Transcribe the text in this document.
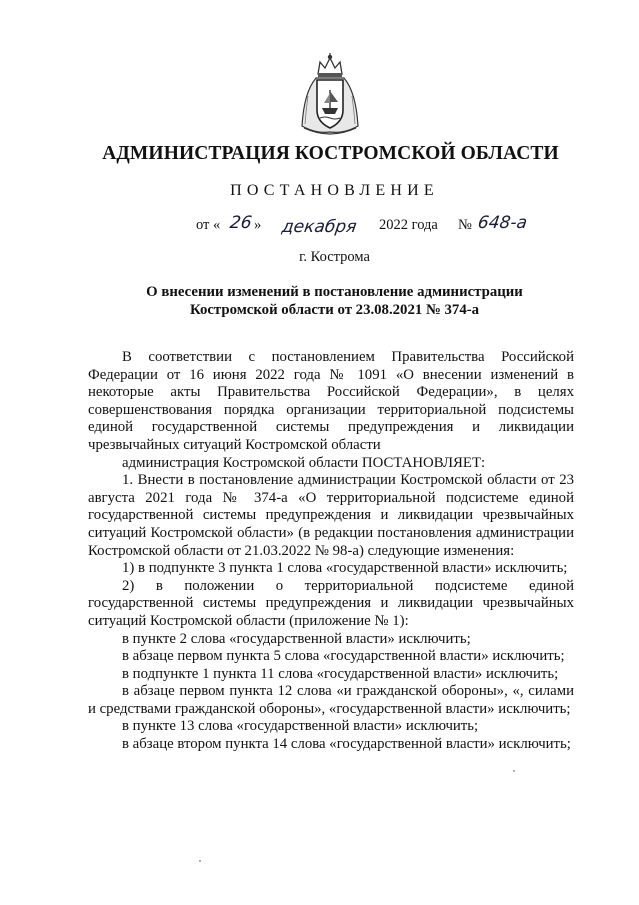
АДМИНИСТРАЦИЯ КОСТРОМСКОЙ ОБЛАСТИ
ПОСТАНОВЛЕНИЕ
от « 26 » декабря 2022 года № 648-а
г. Кострома
О внесении изменений в постановление администрации
Костромской области от 23.08.2021 № 374-а

В соответствии с постановлением Правительства Российской Федерации от 16 июня 2022 года № 1091 «О внесении изменений в некоторые акты Правительства Российской Федерации», в целях совершенствования порядка организации территориальной подсистемы единой государственной системы предупреждения и ликвидации чрезвычайных ситуаций Костромской области

администрация Костромской области ПОСТАНОВЛЯЕТ:

1. Внести в постановление администрации Костромской области от 23 августа 2021 года № 374-а «О территориальной подсистеме единой государственной системы предупреждения и ликвидации чрезвычайных ситуаций Костромской области» (в редакции постановления администрации Костромской области от 21.03.2022 № 98-а) следующие изменения:

1) в подпункте 3 пункта 1 слова «государственной власти» исключить;

2) в положении о территориальной подсистеме единой государственной системы предупреждения и ликвидации чрезвычайных ситуаций Костромской области (приложение № 1):

в пункте 2 слова «государственной власти» исключить;

в абзаце первом пункта 5 слова «государственной власти» исключить;

в подпункте 1 пункта 11 слова «государственной власти» исключить;

в абзаце первом пункта 12 слова «и гражданской обороны», «, силами и средствами гражданской обороны», «государственной власти» исключить;

в пункте 13 слова «государственной власти» исключить;

в абзаце втором пункта 14 слова «государственной власти» исключить;
